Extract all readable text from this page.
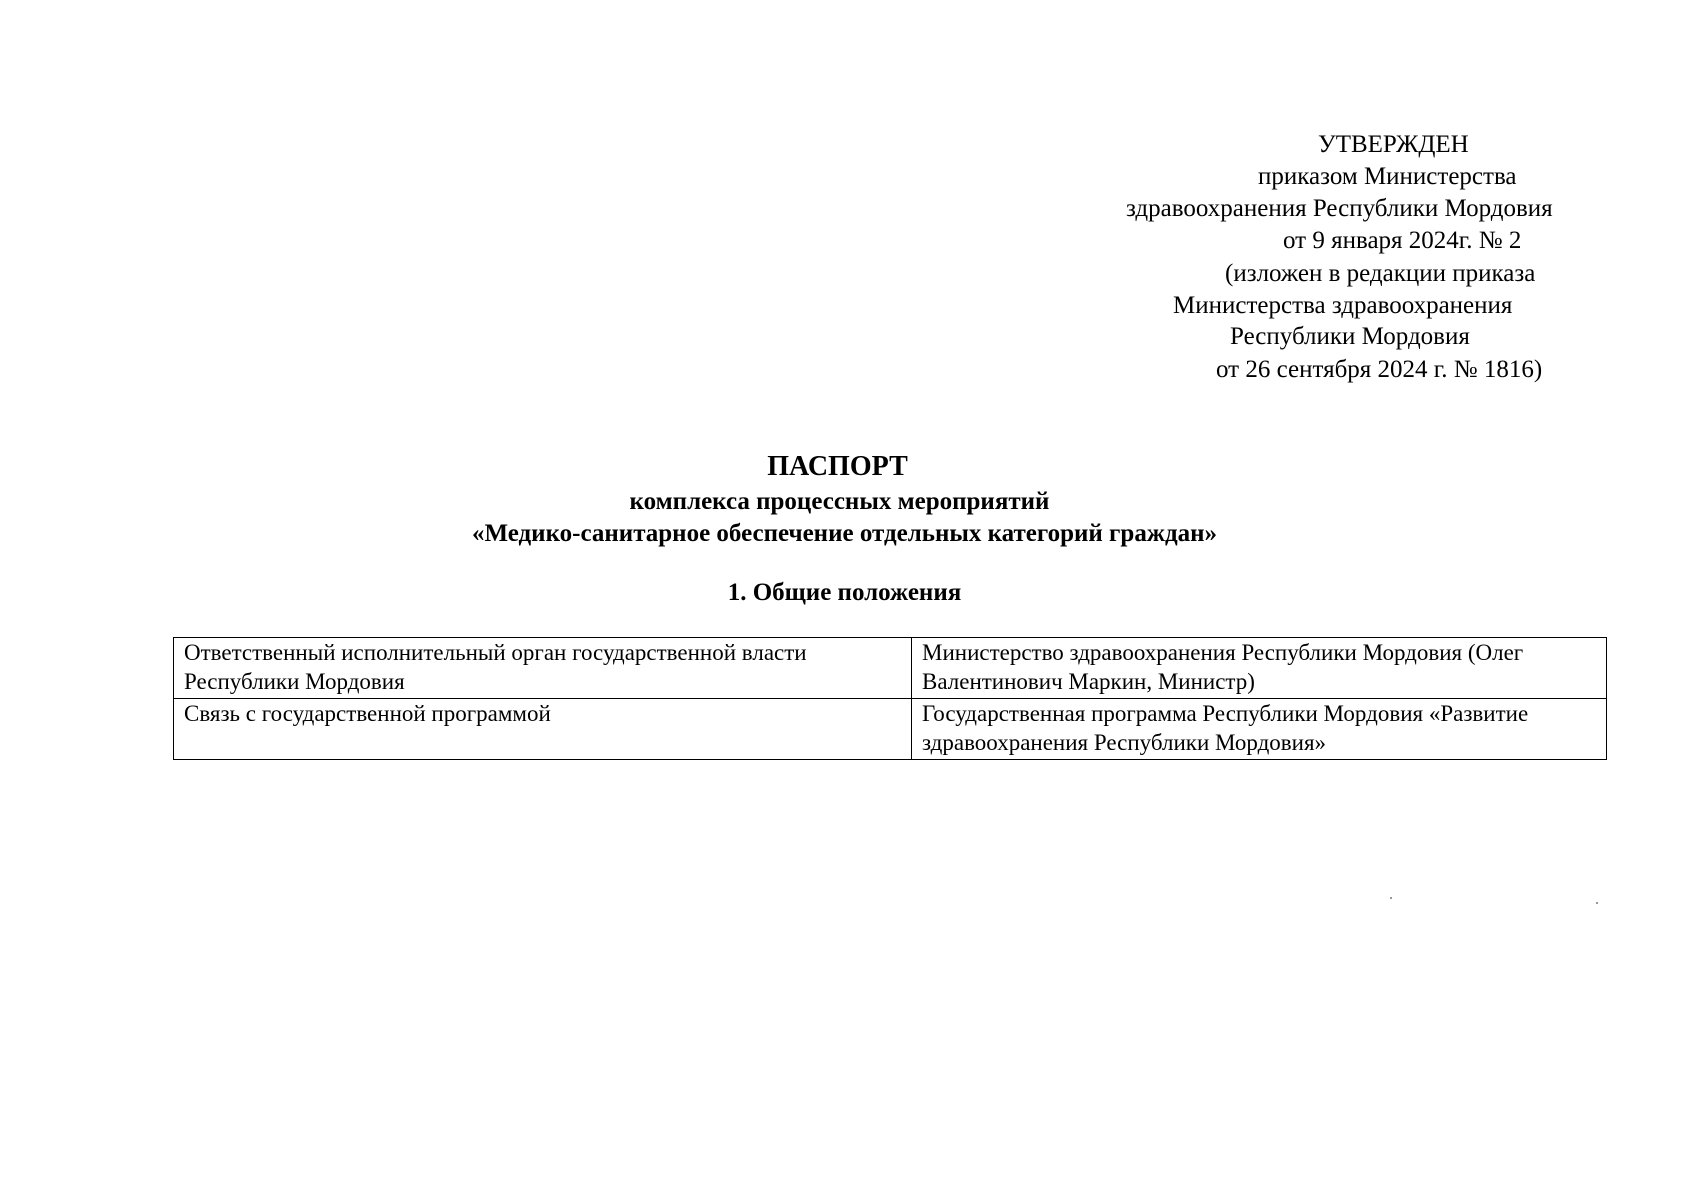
УТВЕРЖДЕН
приказом Министерства
здравоохранения Республики Мордовия
от 9 января 2024г. № 2
(изложен в редакции приказа
Министерства здравоохранения
Республики Мордовия
от 26 сентября 2024 г. № 1816)
ПАСПОРТ
комплекса процессных мероприятий
«Медико-санитарное обеспечение отдельных категорий граждан»
1. Общие положения
Ответственный исполнительный орган государственной власти Республики Мордовия	Министерство здравоохранения Республики Мордовия (Олег Валентинович Маркин, Министр)
Связь с государственной программой	Государственная программа Республики Мордовия «Развитие здравоохранения Республики Мордовия»
